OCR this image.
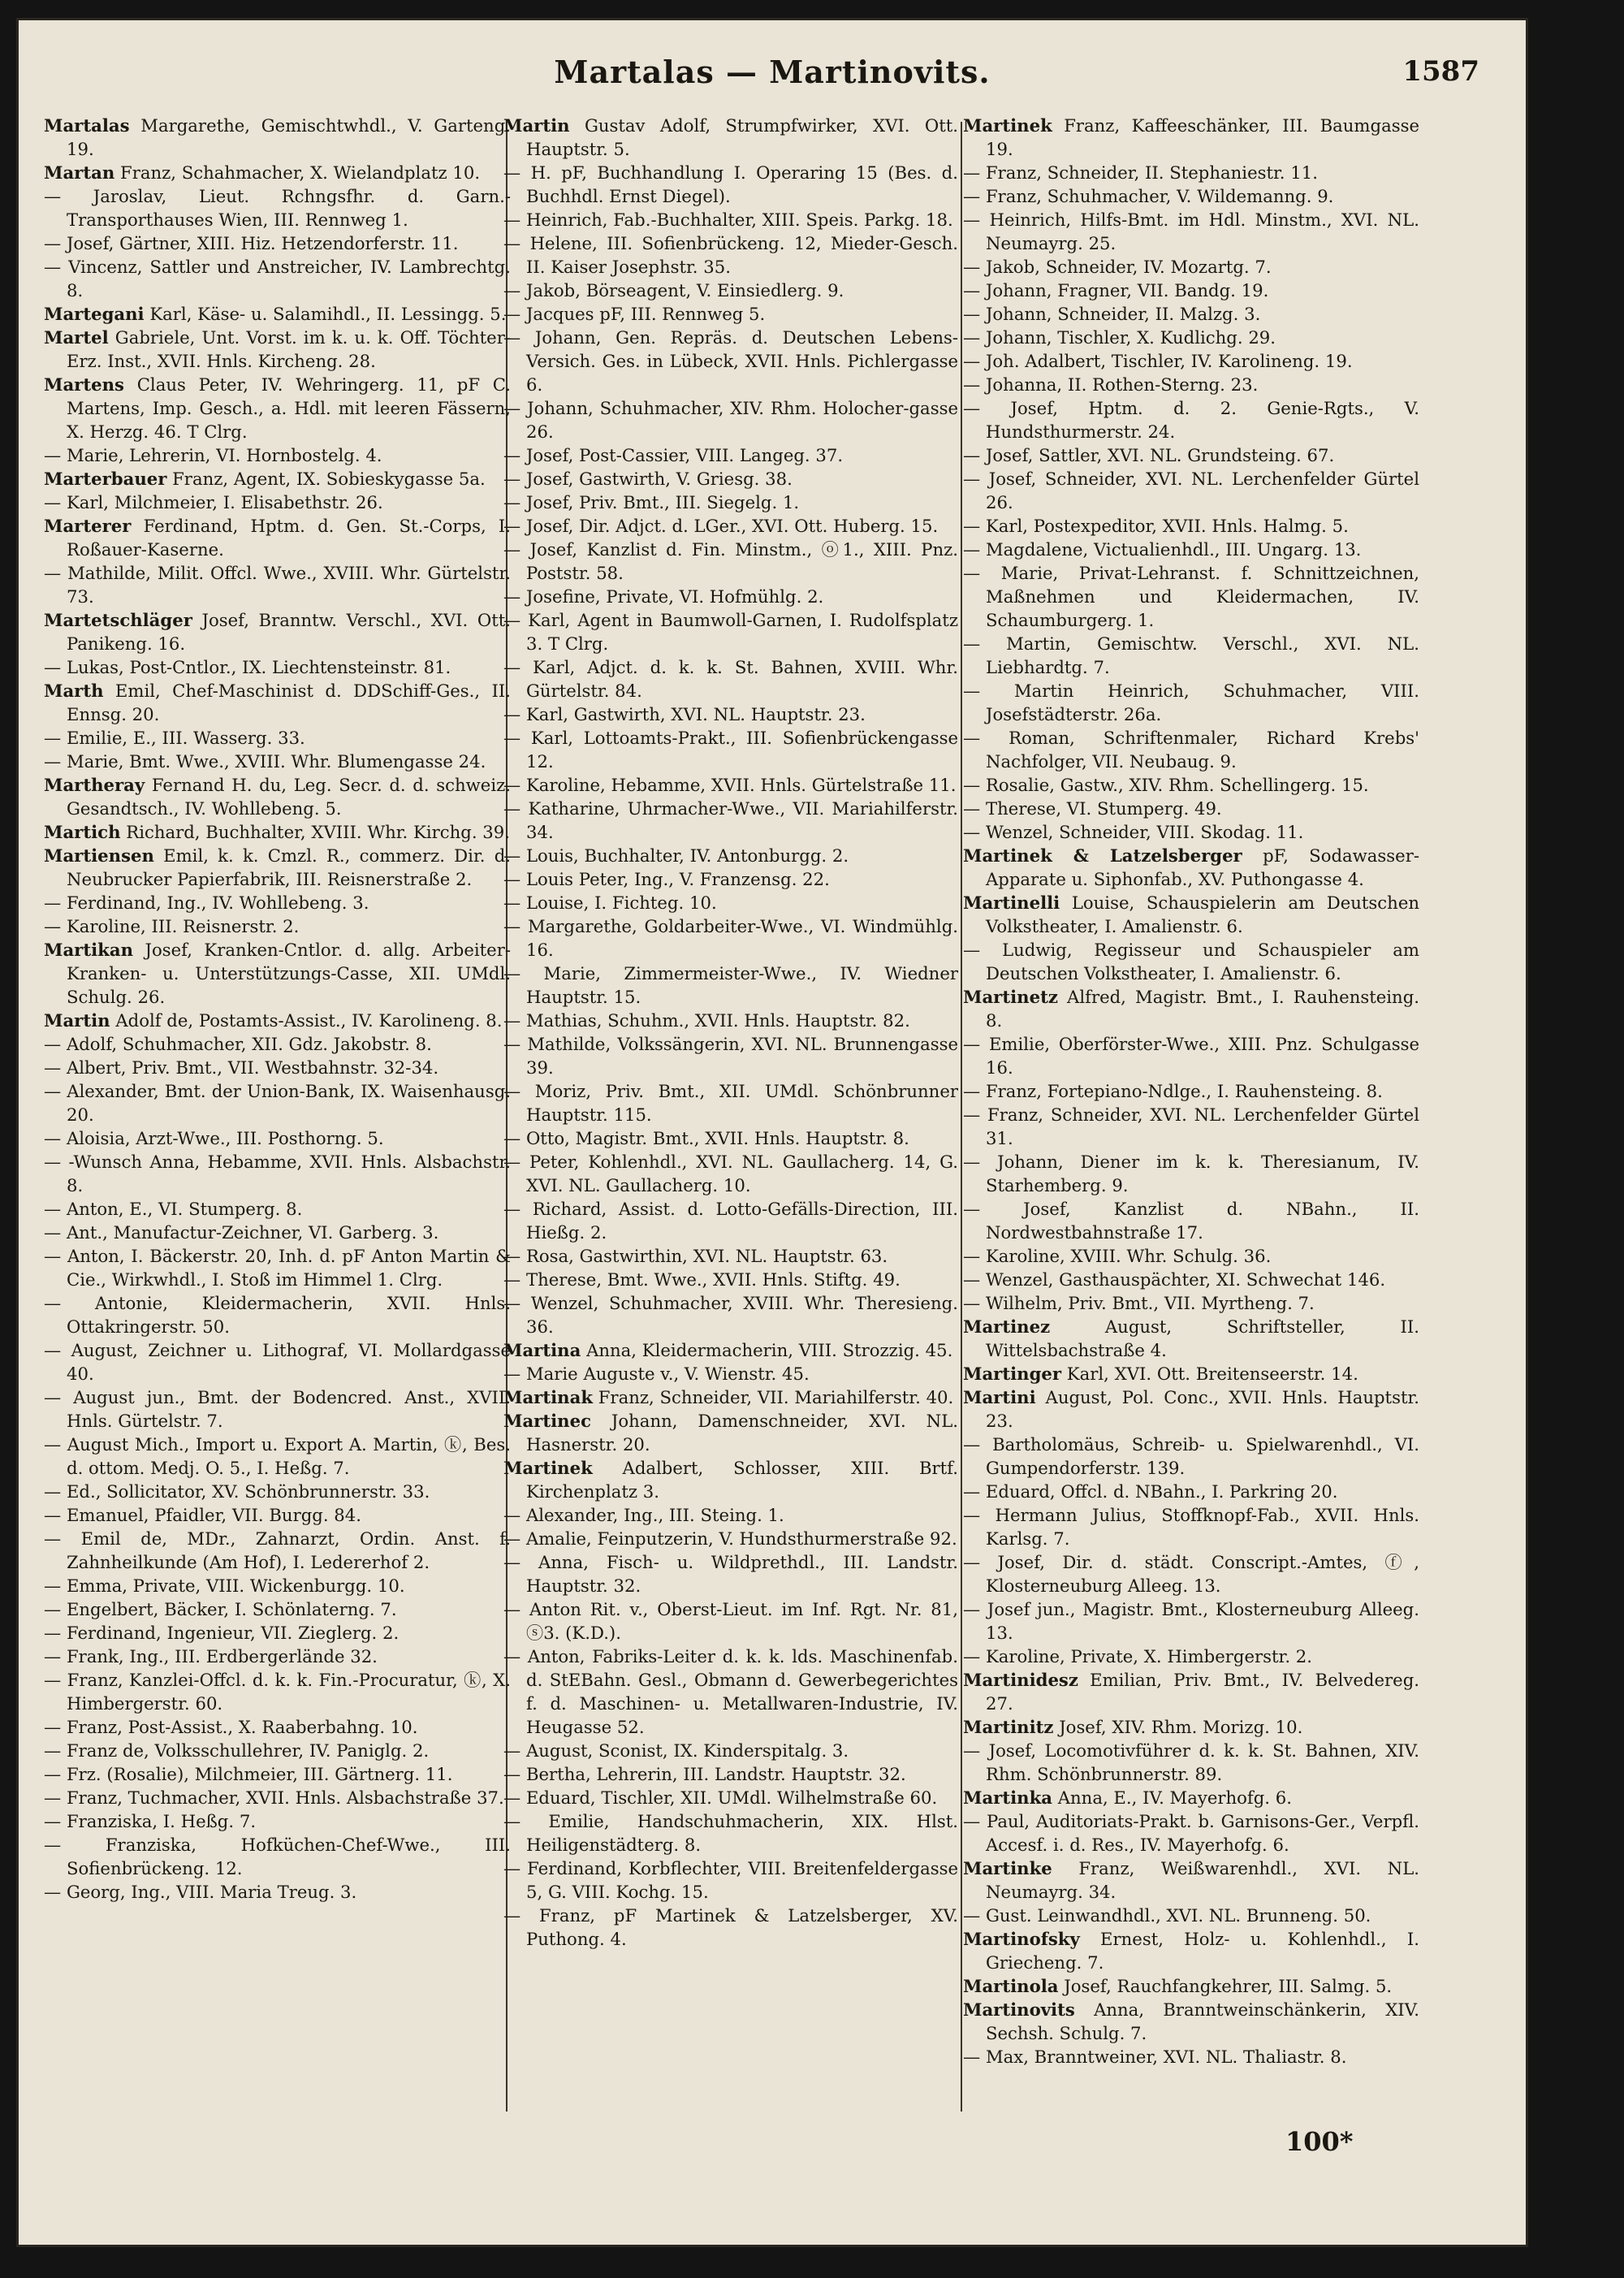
Martalas — Martinovits.	1587

Martalas Margarethe, Gemischtwhdl., V. Garteng. 19.

Martan Franz, Schahmacher, X. Wielandplatz 10.

— Jaroslav, Lieut. Rchngsfhr. d. Garn.-Transporthauses Wien, III. Rennweg 1.

— Josef, Gärtner, XIII. Hiz. Hetzendorferstr. 11.

— Vincenz, Sattler und Anstreicher, IV. Lambrechtg. 8.

Martegani Karl, Käse- u. Salamihdl., II. Lessingg. 5.

Martel Gabriele, Unt. Vorst. im k. u. k. Off. Töchter-Erz. Inst., XVII. Hnls. Kircheng. 28.

Martens Claus Peter, IV. Wehringerg. 11, pF C. Martens, Imp. Gesch., a. Hdl. mit leeren Fässern, X. Herzg. 46. T Clrg.

— Marie, Lehrerin, VI. Hornbostelg. 4.

Marterbauer Franz, Agent, IX. Sobieskygasse 5a.

— Karl, Milchmeier, I. Elisabethstr. 26.

Marterer Ferdinand, Hptm. d. Gen. St.-Corps, I. Roßauer-Kaserne.

— Mathilde, Milit. Offcl. Wwe., XVIII. Whr. Gürtelstr. 73.

Martetschläger Josef, Branntw. Verschl., XVI. Ott. Panikeng. 16.

— Lukas, Post-Cntlor., IX. Liechtensteinstr. 81.

Marth Emil, Chef-Maschinist d. DDSchiff-Ges., II. Ennsg. 20.

— Emilie, E., III. Wasserg. 33.

— Marie, Bmt. Wwe., XVIII. Whr. Blumengasse 24.

Martheray Fernand H. du, Leg. Secr. d. d. schweiz. Gesandtsch., IV. Wohllebeng. 5.

Martich Richard, Buchhalter, XVIII. Whr. Kirchg. 39.

Martiensen Emil, k. k. Cmzl. R., commerz. Dir. d. Neubrucker Papierfabrik, III. Reisnerstraße 2.

— Ferdinand, Ing., IV. Wohllebeng. 3.

— Karoline, III. Reisnerstr. 2.

Martikan Josef, Kranken-Cntlor. d. allg. Arbeiter-Kranken- u. Unterstützungs-Casse, XII. UMdl. Schulg. 26.

Martin Adolf de, Postamts-Assist., IV. Karolineng. 8.

— Adolf, Schuhmacher, XII. Gdz. Jakobstr. 8.

— Albert, Priv. Bmt., VII. Westbahnstr. 32-34.

— Alexander, Bmt. der Union-Bank, IX. Waisenhausg. 20.

— Aloisia, Arzt-Wwe., III. Posthorng. 5.

— -Wunsch Anna, Hebamme, XVII. Hnls. Alsbachstr. 8.

— Anton, E., VI. Stumperg. 8.

— Ant., Manufactur-Zeichner, VI. Garberg. 3.

— Anton, I. Bäckerstr. 20, Inh. d. pF Anton Martin & Cie., Wirkwhdl., I. Stoß im Himmel 1. Clrg.

— Antonie, Kleidermacherin, XVII. Hnls. Ottakringerstr. 50.

— August, Zeichner u. Lithograf, VI. Mollardgasse 40.

— August jun., Bmt. der Bodencred. Anst., XVII. Hnls. Gürtelstr. 7.

— August Mich., Import u. Export A. Martin, ⓚ, Bes. d. ottom. Medj. O. 5., I. Heßg. 7.

— Ed., Sollicitator, XV. Schönbrunnerstr. 33.

— Emanuel, Pfaidler, VII. Burgg. 84.

— Emil de, MDr., Zahnarzt, Ordin. Anst. f. Zahnheilkunde (Am Hof), I. Ledererhof 2.

— Emma, Private, VIII. Wickenburgg. 10.

— Engelbert, Bäcker, I. Schönlaterng. 7.

— Ferdinand, Ingenieur, VII. Zieglerg. 2.

— Frank, Ing., III. Erdbergerlände 32.

— Franz, Kanzlei-Offcl. d. k. k. Fin.-Procuratur, ⓚ, X. Himbergerstr. 60.

— Franz, Post-Assist., X. Raaberbahng. 10.

— Franz de, Volksschullehrer, IV. Paniglg. 2.

— Frz. (Rosalie), Milchmeier, III. Gärtnerg. 11.

— Franz, Tuchmacher, XVII. Hnls. Alsbachstraße 37.

— Franziska, I. Heßg. 7.

— Franziska, Hofküchen-Chef-Wwe., III. Sofienbrückeng. 12.

— Georg, Ing., VIII. Maria Treug. 3.

Martin Gustav Adolf, Strumpfwirker, XVI. Ott. Hauptstr. 5.

— H. pF, Buchhandlung I. Operaring 15 (Bes. d. Buchhdl. Ernst Diegel).

— Heinrich, Fab.-Buchhalter, XIII. Speis. Parkg. 18.

— Helene, III. Sofienbrückeng. 12, Mieder-Gesch. II. Kaiser Josephstr. 35.

— Jakob, Börseagent, V. Einsiedlerg. 9.

— Jacques pF, III. Rennweg 5.

— Johann, Gen. Repräs. d. Deutschen Lebens-Versich. Ges. in Lübeck, XVII. Hnls. Pichlergasse 6.

— Johann, Schuhmacher, XIV. Rhm. Holocher-gasse 26.

— Josef, Post-Cassier, VIII. Langeg. 37.

— Josef, Gastwirth, V. Griesg. 38.

— Josef, Priv. Bmt., III. Siegelg. 1.

— Josef, Dir. Adjct. d. LGer., XVI. Ott. Huberg. 15.

— Josef, Kanzlist d. Fin. Minstm., ⓞ1., XIII. Pnz. Poststr. 58.

— Josefine, Private, VI. Hofmühlg. 2.

— Karl, Agent in Baumwoll-Garnen, I. Rudolfsplatz 3. T Clrg.

— Karl, Adjct. d. k. k. St. Bahnen, XVIII. Whr. Gürtelstr. 84.

— Karl, Gastwirth, XVI. NL. Hauptstr. 23.

— Karl, Lottoamts-Prakt., III. Sofienbrückengasse 12.

— Karoline, Hebamme, XVII. Hnls. Gürtelstraße 11.

— Katharine, Uhrmacher-Wwe., VII. Mariahilferstr. 34.

— Louis, Buchhalter, IV. Antonburgg. 2.

— Louis Peter, Ing., V. Franzensg. 22.

— Louise, I. Fichteg. 10.

— Margarethe, Goldarbeiter-Wwe., VI. Windmühlg. 16.

— Marie, Zimmermeister-Wwe., IV. Wiedner Hauptstr. 15.

— Mathias, Schuhm., XVII. Hnls. Hauptstr. 82.

— Mathilde, Volkssängerin, XVI. NL. Brunnengasse 39.

— Moriz, Priv. Bmt., XII. UMdl. Schönbrunner Hauptstr. 115.

— Otto, Magistr. Bmt., XVII. Hnls. Hauptstr. 8.

— Peter, Kohlenhdl., XVI. NL. Gaullacherg. 14, G. XVI. NL. Gaullacherg. 10.

— Richard, Assist. d. Lotto-Gefälls-Direction, III. Hießg. 2.

— Rosa, Gastwirthin, XVI. NL. Hauptstr. 63.

— Therese, Bmt. Wwe., XVII. Hnls. Stiftg. 49.

— Wenzel, Schuhmacher, XVIII. Whr. Theresieng. 36.

Martina Anna, Kleidermacherin, VIII. Strozzig. 45.

— Marie Auguste v., V. Wienstr. 45.

Martinak Franz, Schneider, VII. Mariahilferstr. 40.

Martinec Johann, Damenschneider, XVI. NL. Hasnerstr. 20.

Martinek Adalbert, Schlosser, XIII. Brtf. Kirchenplatz 3.

— Alexander, Ing., III. Steing. 1.

— Amalie, Feinputzerin, V. Hundsthurmerstraße 92.

— Anna, Fisch- u. Wildprethdl., III. Landstr. Hauptstr. 32.

— Anton Rit. v., Oberst-Lieut. im Inf. Rgt. Nr. 81, ⓢ3. (K.D.).

— Anton, Fabriks-Leiter d. k. k. lds. Maschinenfab. d. StEBahn. Gesl., Obmann d. Gewerbegerichtes f. d. Maschinen- u. Metallwaren-Industrie, IV. Heugasse 52.

— August, Sconist, IX. Kinderspitalg. 3.

— Bertha, Lehrerin, III. Landstr. Hauptstr. 32.

— Eduard, Tischler, XII. UMdl. Wilhelmstraße 60.

— Emilie, Handschuhmacherin, XIX. Hlst. Heiligenstädterg. 8.

— Ferdinand, Korbflechter, VIII. Breitenfeldergasse 5, G. VIII. Kochg. 15.

— Franz, pF Martinek & Latzelsberger, XV. Puthong. 4.

Martinek Franz, Kaffeeschänker, III. Baumgasse 19.

— Franz, Schneider, II. Stephaniestr. 11.

— Franz, Schuhmacher, V. Wildemanng. 9.

— Heinrich, Hilfs-Bmt. im Hdl. Minstm., XVI. NL. Neumayrg. 25.

— Jakob, Schneider, IV. Mozartg. 7.

— Johann, Fragner, VII. Bandg. 19.

— Johann, Schneider, II. Malzg. 3.

— Johann, Tischler, X. Kudlichg. 29.

— Joh. Adalbert, Tischler, IV. Karolineng. 19.

— Johanna, II. Rothen-Sterng. 23.

— Josef, Hptm. d. 2. Genie-Rgts., V. Hundsthurmerstr. 24.

— Josef, Sattler, XVI. NL. Grundsteing. 67.

— Josef, Schneider, XVI. NL. Lerchenfelder Gürtel 26.

— Karl, Postexpeditor, XVII. Hnls. Halmg. 5.

— Magdalene, Victualienhdl., III. Ungarg. 13.

— Marie, Privat-Lehranst. f. Schnittzeichnen, Maßnehmen und Kleidermachen, IV. Schaumburgerg. 1.

— Martin, Gemischtw. Verschl., XVI. NL. Liebhardtg. 7.

— Martin Heinrich, Schuhmacher, VIII. Josefstädterstr. 26a.

— Roman, Schriftenmaler, Richard Krebs' Nachfolger, VII. Neubaug. 9.

— Rosalie, Gastw., XIV. Rhm. Schellingerg. 15.

— Therese, VI. Stumperg. 49.

— Wenzel, Schneider, VIII. Skodag. 11.

Martinek & Latzelsberger pF, Sodawasser-Apparate u. Siphonfab., XV. Puthongasse 4.

Martinelli Louise, Schauspielerin am Deutschen Volkstheater, I. Amalienstr. 6.

— Ludwig, Regisseur und Schauspieler am Deutschen Volkstheater, I. Amalienstr. 6.

Martinetz Alfred, Magistr. Bmt., I. Rauhensteing. 8.

— Emilie, Oberförster-Wwe., XIII. Pnz. Schulgasse 16.

— Franz, Fortepiano-Ndlge., I. Rauhensteing. 8.

— Franz, Schneider, XVI. NL. Lerchenfelder Gürtel 31.

— Johann, Diener im k. k. Theresianum, IV. Starhemberg. 9.

— Josef, Kanzlist d. NBahn., II. Nordwestbahnstraße 17.

— Karoline, XVIII. Whr. Schulg. 36.

— Wenzel, Gasthauspächter, XI. Schwechat 146.

— Wilhelm, Priv. Bmt., VII. Myrtheng. 7.

Martinez August, Schriftsteller, II. Wittelsbachstraße 4.

Martinger Karl, XVI. Ott. Breitenseerstr. 14.

Martini August, Pol. Conc., XVII. Hnls. Hauptstr. 23.

— Bartholomäus, Schreib- u. Spielwarenhdl., VI. Gumpendorferstr. 139.

— Eduard, Offcl. d. NBahn., I. Parkring 20.

— Hermann Julius, Stoffknopf-Fab., XVII. Hnls. Karlsg. 7.

— Josef, Dir. d. städt. Conscript.-Amtes, ⓕ, Klosterneuburg Alleeg. 13.

— Josef jun., Magistr. Bmt., Klosterneuburg Alleeg. 13.

— Karoline, Private, X. Himbergerstr. 2.

Martinidesz Emilian, Priv. Bmt., IV. Belvedereg. 27.

Martinitz Josef, XIV. Rhm. Morizg. 10.

— Josef, Locomotivführer d. k. k. St. Bahnen, XIV. Rhm. Schönbrunnerstr. 89.

Martinka Anna, E., IV. Mayerhofg. 6.

— Paul, Auditoriats-Prakt. b. Garnisons-Ger., Verpfl. Accesf. i. d. Res., IV. Mayerhofg. 6.

Martinke Franz, Weißwarenhdl., XVI. NL. Neumayrg. 34.

— Gust. Leinwandhdl., XVI. NL. Brunneng. 50.

Martinofsky Ernest, Holz- u. Kohlenhdl., I. Griecheng. 7.

Martinola Josef, Rauchfangkehrer, III. Salmg. 5.

Martinovits Anna, Branntweinschänkerin, XIV. Sechsh. Schulg. 7.

— Max, Branntweiner, XVI. NL. Thaliastr. 8.

100*
